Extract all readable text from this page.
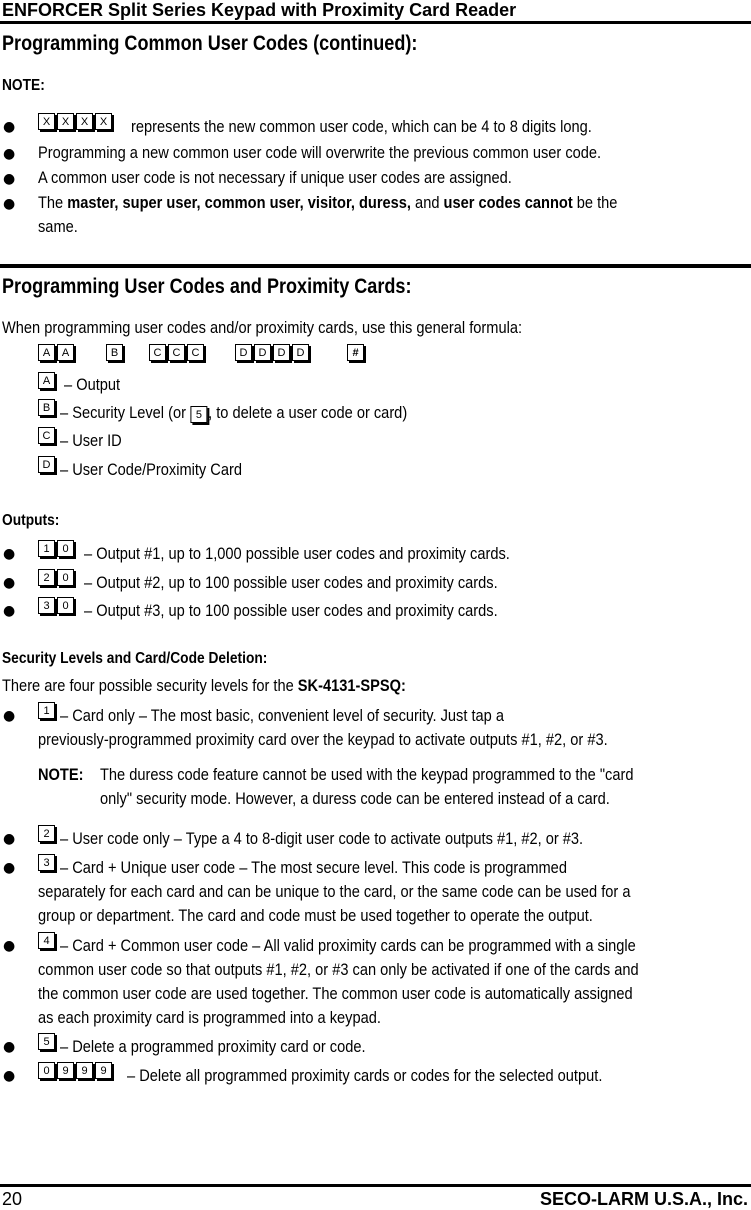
ENFORCER Split Series Keypad with Proximity Card Reader
Programming Common User Codes (continued):
NOTE:
●	X	X	X	X represents the new common user code, which can be 4 to 8 digits long.
● Programming a new common user code will overwrite the previous common user code.
● A common user code is not necessary if unique user codes are assigned.
● The master, super user, common user, visitor, duress, and user codes cannot be the
same.
Programming User Codes and Proximity Cards:
When programming user codes and/or proximity cards, use this general formula:
A	A	B	C	C	C	D	D	D	D	#
A – Output
B – Security Level (or 5 , to delete a user code or card)
C – User ID
D – User Code/Proximity Card
Outputs:
●	1	0 – Output #1, up to 1,000 possible user codes and proximity cards.
●	2	0 – Output #2, up to 100 possible user codes and proximity cards.
●	3	0 – Output #3, up to 100 possible user codes and proximity cards.
Security Levels and Card/Code Deletion:
There are four possible security levels for the SK-4131-SPSQ:
●	1 – Card only – The most basic, convenient level of security. Just tap a
previously-programmed proximity card over the keypad to activate outputs #1, #2, or #3.
NOTE: The duress code feature cannot be used with the keypad programmed to the "card
only" security mode. However, a duress code can be entered instead of a card.
●	2 – User code only – Type a 4 to 8-digit user code to activate outputs #1, #2, or #3.
●	3 – Card + Unique user code – The most secure level. This code is programmed
separately for each card and can be unique to the card, or the same code can be used for a
group or department. The card and code must be used together to operate the output.
●	4 – Card + Common user code – All valid proximity cards can be programmed with a single
common user code so that outputs #1, #2, or #3 can only be activated if one of the cards and
the common user code are used together. The common user code is automatically assigned
as each proximity card is programmed into a keypad.
●	5 – Delete a programmed proximity card or code.
●	0	9	9	9	– Delete all programmed proximity cards or codes for the selected output.
20	SECO-LARM U.S.A., Inc.
